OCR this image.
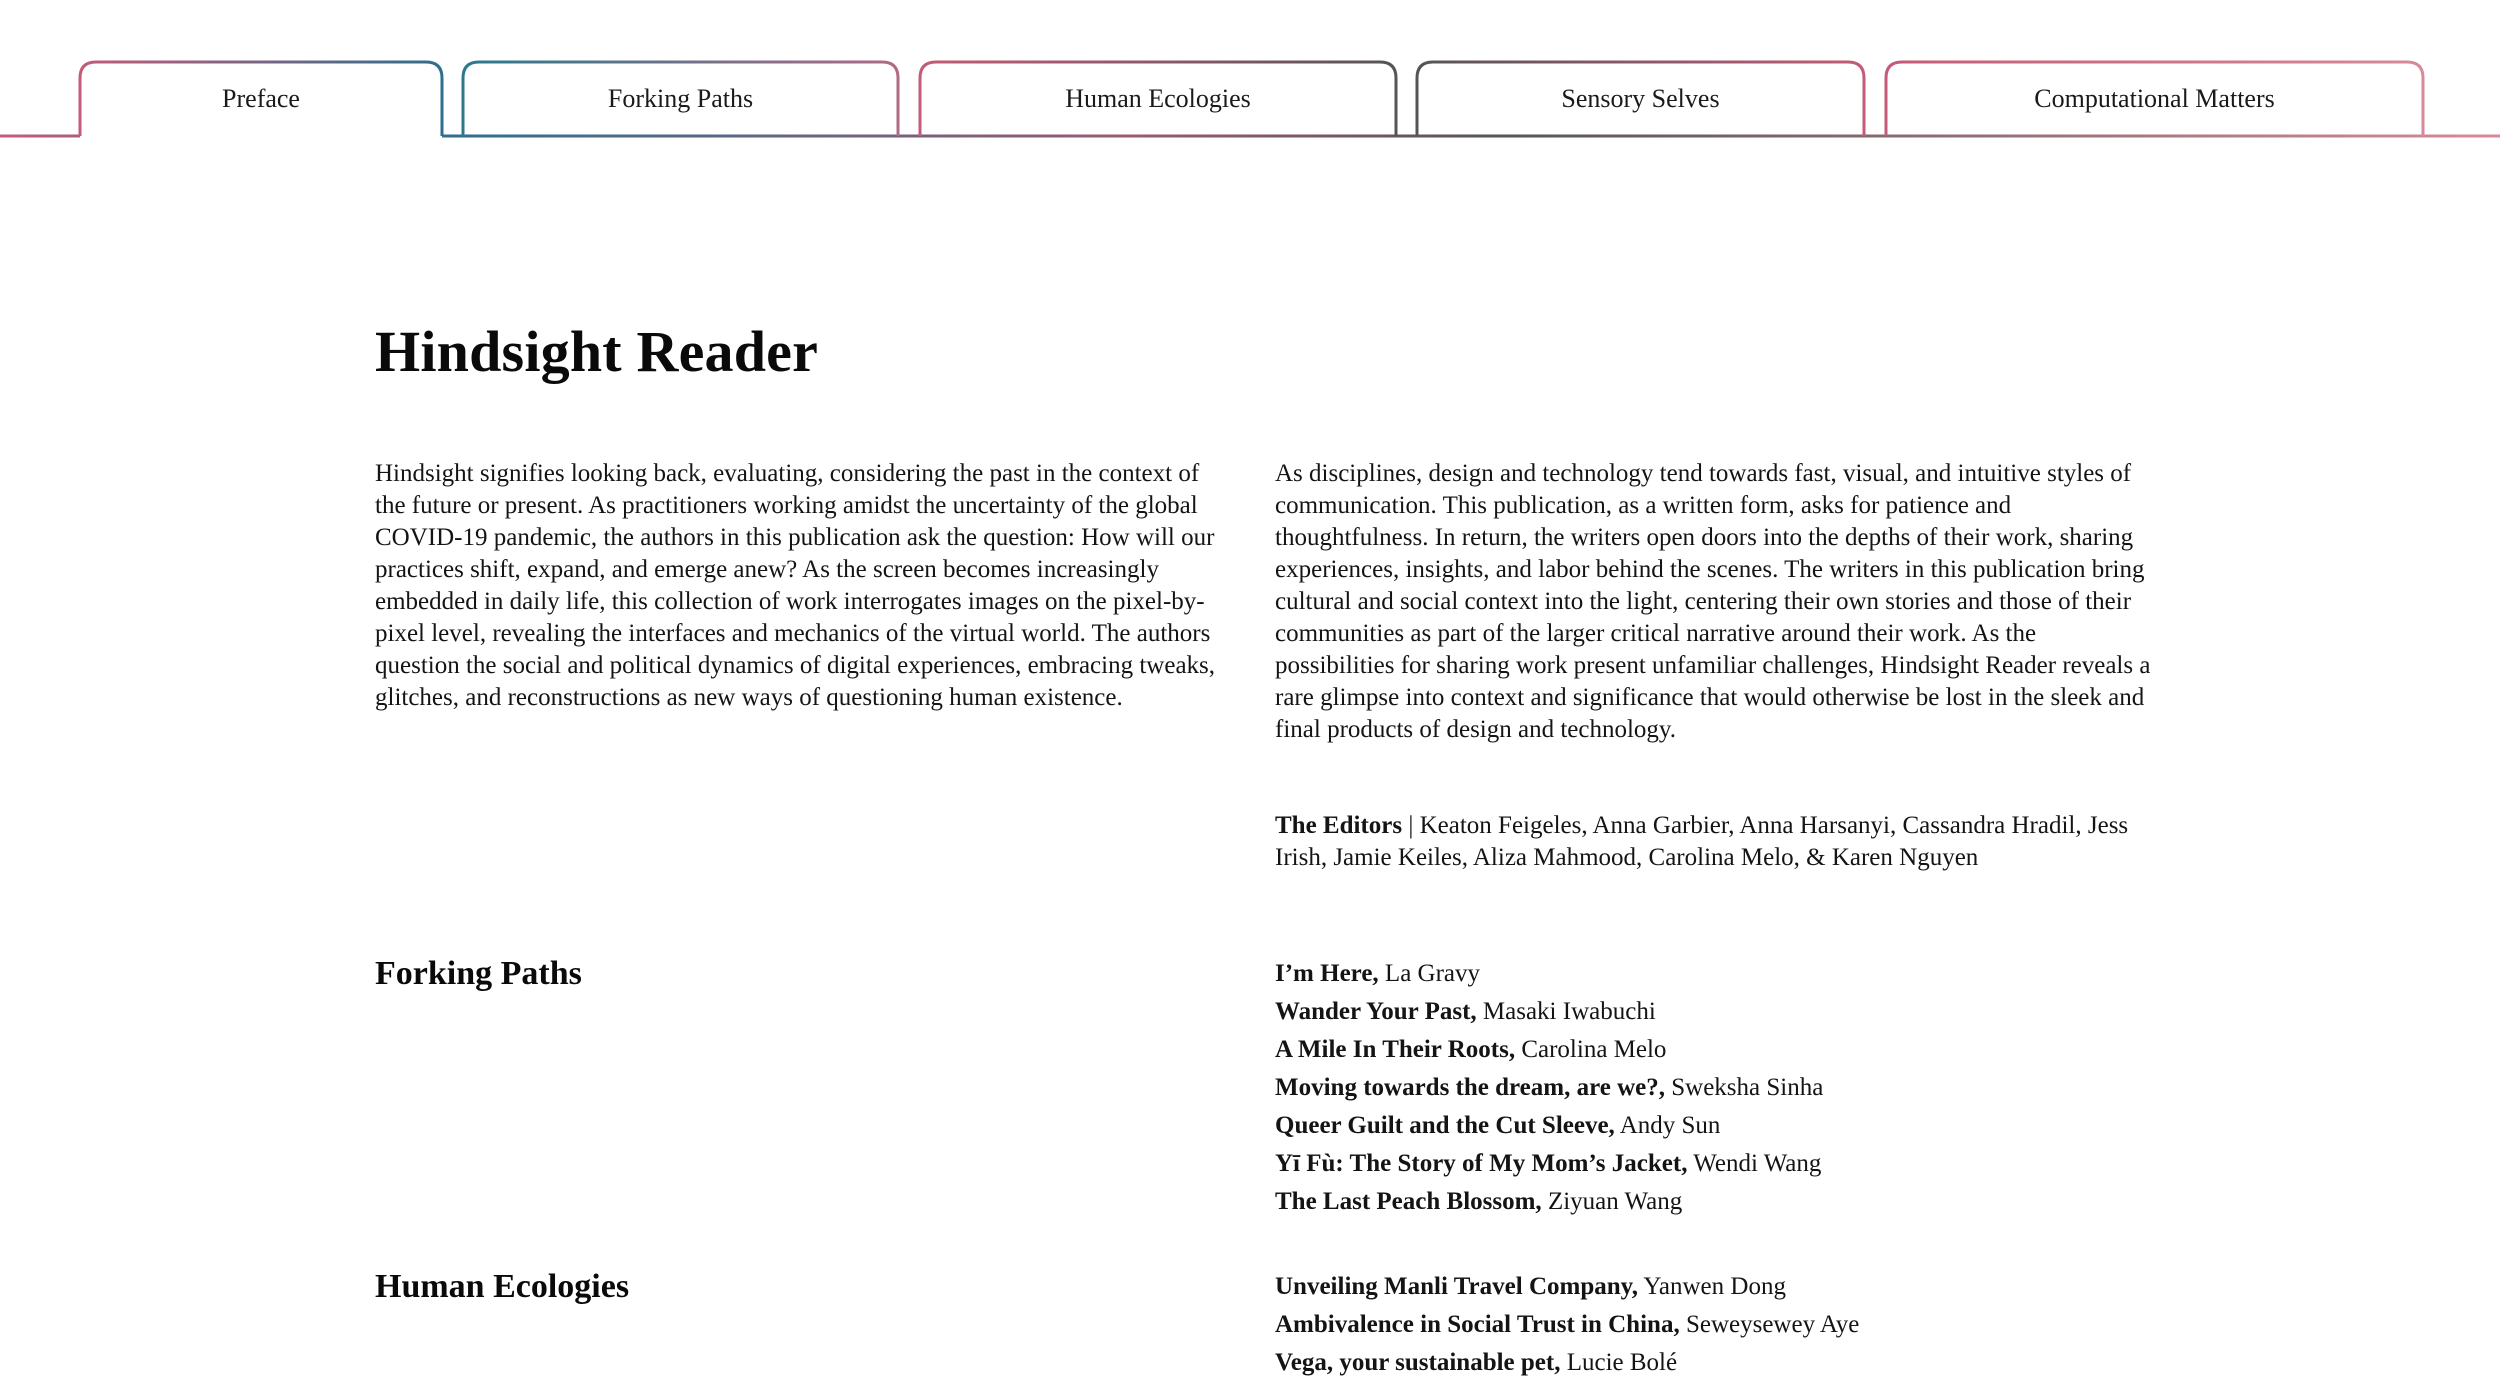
Preface	Forking Paths	Human Ecologies	Sensory Selves	Computational Matters
Hindsight Reader

Hindsight signifies looking back, evaluating, considering the past in the context of the future or present. As practitioners working amidst the uncertainty of the global COVID-19 pandemic, the authors in this publication ask the question: How will our practices shift, expand, and emerge anew? As the screen becomes increasingly embedded in daily life, this collection of work interrogates images on the pixel-by-pixel level, revealing the interfaces and mechanics of the virtual world. The authors question the social and political dynamics of digital experiences, embracing tweaks, glitches, and reconstructions as new ways of questioning human existence.

As disciplines, design and technology tend towards fast, visual, and intuitive styles of communication. This publication, as a written form, asks for patience and thoughtfulness. In return, the writers open doors into the depths of their work, sharing experiences, insights, and labor behind the scenes. The writers in this publication bring cultural and social context into the light, centering their own stories and those of their communities as part of the larger critical narrative around their work. As the possibilities for sharing work present unfamiliar challenges, Hindsight Reader reveals a rare glimpse into context and significance that would otherwise be lost in the sleek and final products of design and technology.

The Editors | Keaton Feigeles, Anna Garbier, Anna Harsanyi, Cassandra Hradil, Jess Irish, Jamie Keiles, Aliza Mahmood, Carolina Melo, & Karen Nguyen

Forking Paths	I’m Here, La Gravy
Wander Your Past, Masaki Iwabuchi
A Mile In Their Roots, Carolina Melo
Moving towards the dream, are we?, Sweksha Sinha
Queer Guilt and the Cut Sleeve, Andy Sun
Yī Fù: The Story of My Mom’s Jacket, Wendi Wang
The Last Peach Blossom, Ziyuan Wang
Human Ecologies	Unveiling Manli Travel Company, Yanwen Dong
Ambivalence in Social Trust in China, Seweysewey Aye
Vega, your sustainable pet, Lucie Bolé
